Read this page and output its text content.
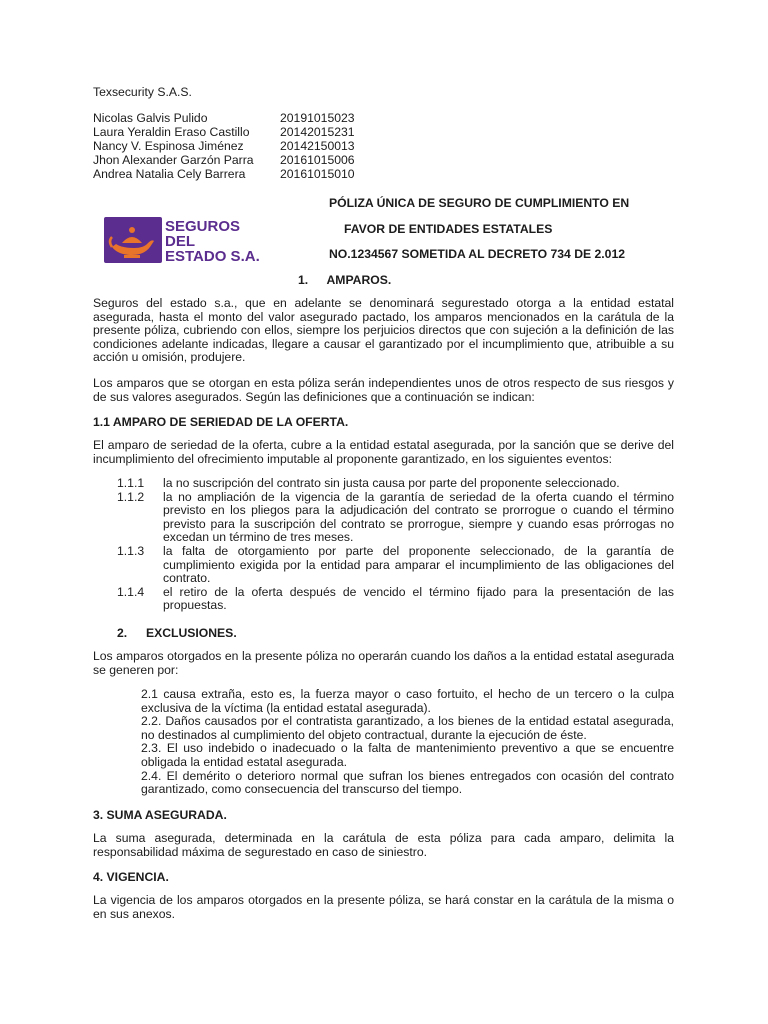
Texsecurity S.A.S.
Nicolas Galvis Pulido	20191015023
Laura Yeraldin Eraso Castillo	20142015231
Nancy V. Espinosa Jiménez	20142150013
Jhon Alexander Garzón Parra	20161015006
Andrea Natalia Cely Barrera	20161015010
SEGUROS
DEL
ESTADO S.A.
PÓLIZA ÚNICA DE SEGURO DE CUMPLIMIENTO EN
FAVOR DE ENTIDADES ESTATALES
NO.1234567 SOMETIDA AL DECRETO 734 DE 2.012
1. AMPAROS.
Seguros del estado s.a., que en adelante se denominará segurestado otorga a la entidad estatal asegurada, hasta el monto del valor asegurado pactado, los amparos mencionados en la carátula de la presente póliza, cubriendo con ellos, siempre los perjuicios directos que con sujeción a la definición de las condiciones adelante indicadas, llegare a causar el garantizado por el incumplimiento que, atribuible a su acción u omisión, produjere.
Los amparos que se otorgan en esta póliza serán independientes unos de otros respecto de sus riesgos y de sus valores asegurados. Según las definiciones que a continuación se indican:
1.1 AMPARO DE SERIEDAD DE LA OFERTA.
El amparo de seriedad de la oferta, cubre a la entidad estatal asegurada, por la sanción que se derive del incumplimiento del ofrecimiento imputable al proponente garantizado, en los siguientes eventos:
1.1.1	la no suscripción del contrato sin justa causa por parte del proponente seleccionado.
1.1.2	la no ampliación de la vigencia de la garantía de seriedad de la oferta cuando el término previsto en los pliegos para la adjudicación del contrato se prorrogue o cuando el término previsto para la suscripción del contrato se prorrogue, siempre y cuando esas prórrogas no excedan un término de tres meses.
1.1.3	la falta de otorgamiento por parte del proponente seleccionado, de la garantía de cumplimiento exigida por la entidad para amparar el incumplimiento de las obligaciones del contrato.
1.1.4	el retiro de la oferta después de vencido el término fijado para la presentación de las propuestas.
2. EXCLUSIONES.
Los amparos otorgados en la presente póliza no operarán cuando los daños a la entidad estatal asegurada se generen por:

2.1 causa extraña, esto es, la fuerza mayor o caso fortuito, el hecho de un tercero o la culpa exclusiva de la víctima (la entidad estatal asegurada).

2.2. Daños causados por el contratista garantizado, a los bienes de la entidad estatal asegurada, no destinados al cumplimiento del objeto contractual, durante la ejecución de éste.

2.3. El uso indebido o inadecuado o la falta de mantenimiento preventivo a que se encuentre obligada la entidad estatal asegurada.

2.4. El demérito o deterioro normal que sufran los bienes entregados con ocasión del contrato garantizado, como consecuencia del transcurso del tiempo.

3. SUMA ASEGURADA.
La suma asegurada, determinada en la carátula de esta póliza para cada amparo, delimita la responsabilidad máxima de segurestado en caso de siniestro.
4. VIGENCIA.
La vigencia de los amparos otorgados en la presente póliza, se hará constar en la carátula de la misma o en sus anexos.
